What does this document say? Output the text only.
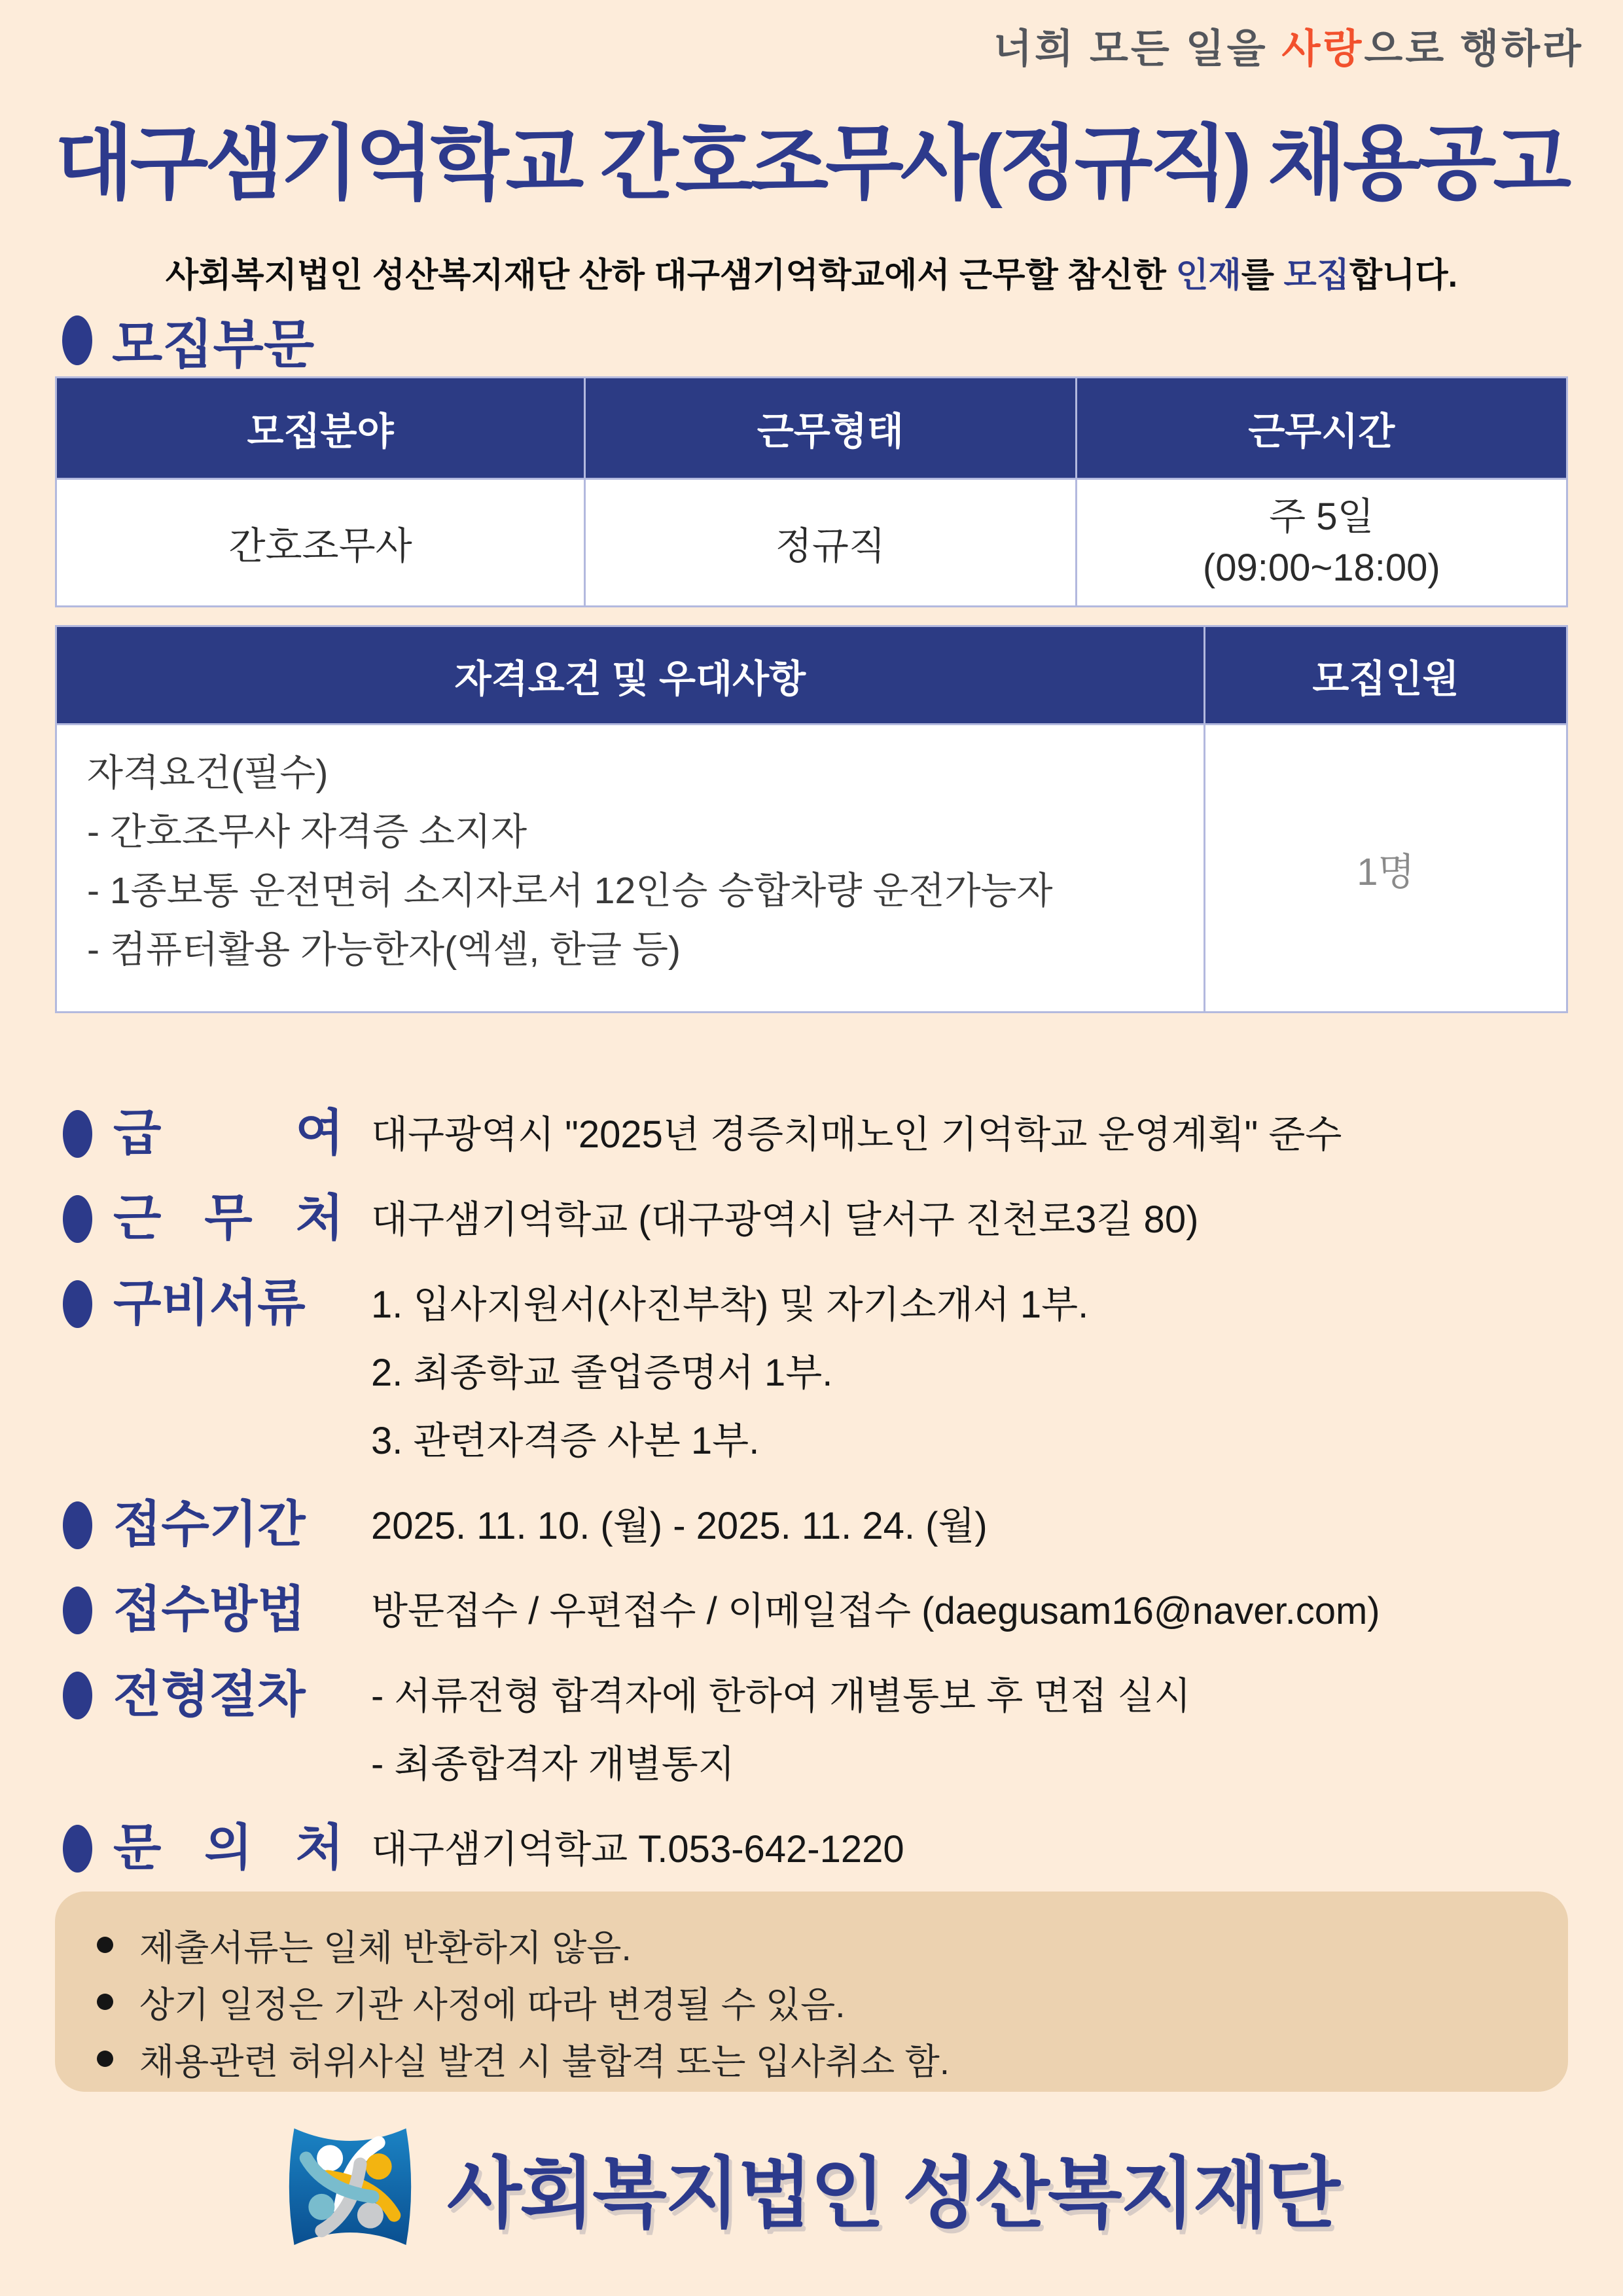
너희 모든 일을 사랑으로 행하라
대구샘기억학교 간호조무사(정규직) 채용공고

사회복지법인 성산복지재단 산하 대구샘기억학교에서 근무할 참신한 인재를 모집합니다.

모집부문
모집분야	근무형태	근무시간
간호조무사	정규직	주 5일
(09:00~18:00)
자격요건 및 우대사항	모집인원

자격요건(필수)
- 간호조무사 자격증 소지자
- 1종보통 운전면허 소지자로서 12인승 승합차량 운전가능자
- 컴퓨터활용 가능한자(엑셀, 한글 등)	1명
급 여 대구광역시 "2025년 경증치매노인 기억학교 운영계획" 준수
근 무 처 대구샘기억학교 (대구광역시 달서구 진천로3길 80)
구비서류	1. 입사지원서(사진부착) 및 자기소개서 1부.
2. 최종학교 졸업증명서 1부.
3. 관련자격증 사본 1부.
접수기간	2025. 11. 10. (월) - 2025. 11. 24. (월)
접수방법	방문접수 / 우편접수 / 이메일접수 (daegusam16@naver.com)
전형절차	- 서류전형 합격자에 한하여 개별통보 후 면접 실시
- 최종합격자 개별통지
문 의 처 대구샘기억학교 T.053-642-1220
제출서류는 일체 반환하지 않음.
상기 일정은 기관 사정에 따라 변경될 수 있음.
채용관련 허위사실 발견 시 불합격 또는 입사취소 함.
사회복지법인 성산복지재단
